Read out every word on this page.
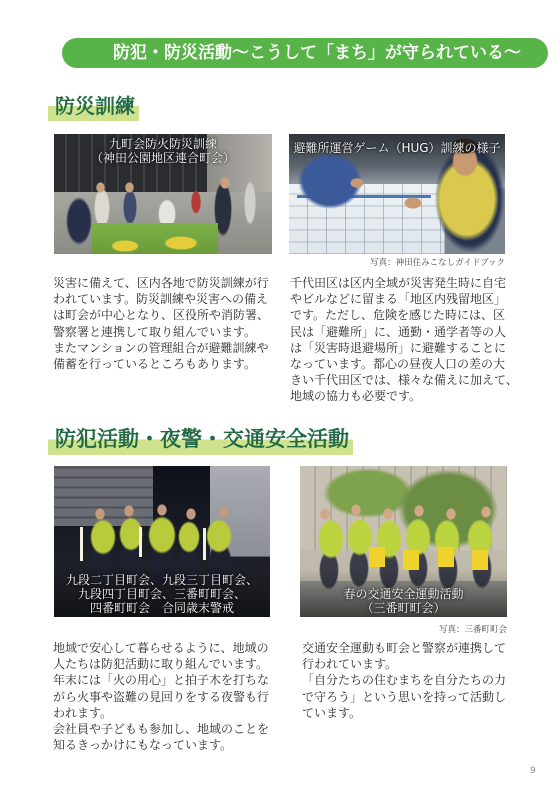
防犯・防災活動〜こうして「まち」が守られている〜
防災訓練
九町会防火防災訓練
（神田公園地区連合町会）
避難所運営ゲーム（HUG）訓練の様子
写真：神田住みこなしガイドブック
災害に備えて、区内各地で防災訓練が行
われています。防災訓練や災害への備え
は町会が中心となり、区役所や消防署、
警察署と連携して取り組んでいます。
またマンションの管理組合が避難訓練や
備蓄を行っているところもあります。
千代田区は区内全域が災害発生時に自宅
やビルなどに留まる「地区内残留地区」
です。ただし、危険を感じた時には、区
民は「避難所」に、通勤・通学者等の人
は「災害時退避場所」に避難することに
なっています。都心の昼夜人口の差の大
きい千代田区では、様々な備えに加えて、
地域の協力も必要です。
防犯活動・夜警・交通安全活動
九段二丁目町会、九段三丁目町会、
九段四丁目町会、三番町町会、
四番町町会　合同歳末警戒
春の交通安全運動活動
（三番町町会）
写真：三番町町会
地域で安心して暮らせるように、地域の
人たちは防犯活動に取り組んでいます。
年末には「火の用心」と拍子木を打ちな
がら火事や盗難の見回りをする夜警も行
われます。
会社員や子どもも参加し、地域のことを
知るきっかけにもなっています。
交通安全運動も町会と警察が連携して
行われています。
「自分たちの住むまちを自分たちの力
で守ろう」という思いを持って活動し
ています。
9
